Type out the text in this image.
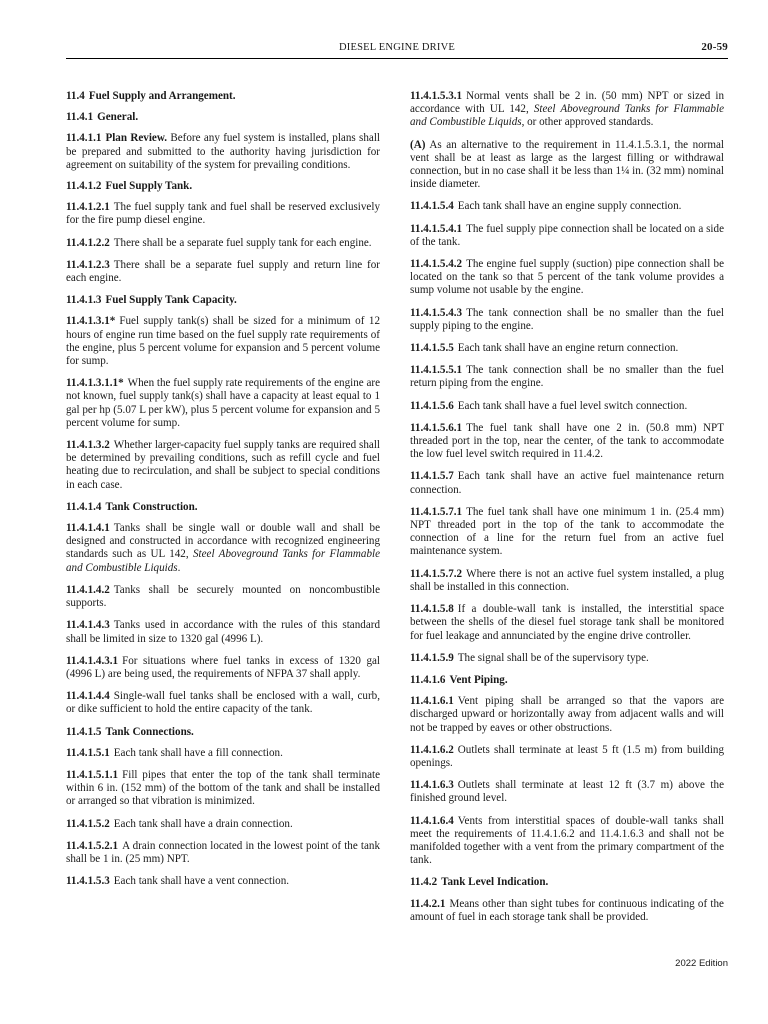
DIESEL ENGINE DRIVE	20-59

11.4 Fuel Supply and Arrangement.

11.4.1 General.

11.4.1.1 Plan Review. Before any fuel system is installed, plans shall be prepared and submitted to the authority having jurisdiction for agreement on suitability of the system for prevailing conditions.

11.4.1.2 Fuel Supply Tank.

11.4.1.2.1 The fuel supply tank and fuel shall be reserved exclusively for the fire pump diesel engine.

11.4.1.2.2 There shall be a separate fuel supply tank for each engine.

11.4.1.2.3 There shall be a separate fuel supply and return line for each engine.

11.4.1.3 Fuel Supply Tank Capacity.

11.4.1.3.1* Fuel supply tank(s) shall be sized for a minimum of 12 hours of engine run time based on the fuel supply rate requirements of the engine, plus 5 percent volume for expansion and 5 percent volume for sump.

11.4.1.3.1.1* When the fuel supply rate requirements of the engine are not known, fuel supply tank(s) shall have a capacity at least equal to 1 gal per hp (5.07 L per kW), plus 5 percent volume for expansion and 5 percent volume for sump.

11.4.1.3.2 Whether larger-capacity fuel supply tanks are required shall be determined by prevailing conditions, such as refill cycle and fuel heating due to recirculation, and shall be subject to special conditions in each case.

11.4.1.4 Tank Construction.

11.4.1.4.1 Tanks shall be single wall or double wall and shall be designed and constructed in accordance with recognized engineering standards such as UL 142, Steel Aboveground Tanks for Flammable and Combustible Liquids.

11.4.1.4.2 Tanks shall be securely mounted on noncombustible supports.

11.4.1.4.3 Tanks used in accordance with the rules of this standard shall be limited in size to 1320 gal (4996 L).

11.4.1.4.3.1 For situations where fuel tanks in excess of 1320 gal (4996 L) are being used, the requirements of NFPA 37 shall apply.

11.4.1.4.4 Single-wall fuel tanks shall be enclosed with a wall, curb, or dike sufficient to hold the entire capacity of the tank.

11.4.1.5 Tank Connections.

11.4.1.5.1 Each tank shall have a fill connection.

11.4.1.5.1.1 Fill pipes that enter the top of the tank shall terminate within 6 in. (152 mm) of the bottom of the tank and shall be installed or arranged so that vibration is minimized.

11.4.1.5.2 Each tank shall have a drain connection.

11.4.1.5.2.1 A drain connection located in the lowest point of the tank shall be 1 in. (25 mm) NPT.

11.4.1.5.3 Each tank shall have a vent connection.

11.4.1.5.3.1 Normal vents shall be 2 in. (50 mm) NPT or sized in accordance with UL 142, Steel Aboveground Tanks for Flammable and Combustible Liquids, or other approved standards.

(A) As an alternative to the requirement in 11.4.1.5.3.1, the normal vent shall be at least as large as the largest filling or withdrawal connection, but in no case shall it be less than 1¼ in. (32 mm) nominal inside diameter.

11.4.1.5.4 Each tank shall have an engine supply connection.

11.4.1.5.4.1 The fuel supply pipe connection shall be located on a side of the tank.

11.4.1.5.4.2 The engine fuel supply (suction) pipe connection shall be located on the tank so that 5 percent of the tank volume provides a sump volume not usable by the engine.

11.4.1.5.4.3 The tank connection shall be no smaller than the fuel supply piping to the engine.

11.4.1.5.5 Each tank shall have an engine return connection.

11.4.1.5.5.1 The tank connection shall be no smaller than the fuel return piping from the engine.

11.4.1.5.6 Each tank shall have a fuel level switch connection.

11.4.1.5.6.1 The fuel tank shall have one 2 in. (50.8 mm) NPT threaded port in the top, near the center, of the tank to accommodate the low fuel level switch required in 11.4.2.

11.4.1.5.7 Each tank shall have an active fuel maintenance return connection.

11.4.1.5.7.1 The fuel tank shall have one minimum 1 in. (25.4 mm) NPT threaded port in the top of the tank to accommodate the connection of a line for the return fuel from an active fuel maintenance system.

11.4.1.5.7.2 Where there is not an active fuel system installed, a plug shall be installed in this connection.

11.4.1.5.8 If a double-wall tank is installed, the interstitial space between the shells of the diesel fuel storage tank shall be monitored for fuel leakage and annunciated by the engine drive controller.

11.4.1.5.9 The signal shall be of the supervisory type.

11.4.1.6 Vent Piping.

11.4.1.6.1 Vent piping shall be arranged so that the vapors are discharged upward or horizontally away from adjacent walls and will not be trapped by eaves or other obstructions.

11.4.1.6.2 Outlets shall terminate at least 5 ft (1.5 m) from building openings.

11.4.1.6.3 Outlets shall terminate at least 12 ft (3.7 m) above the finished ground level.

11.4.1.6.4 Vents from interstitial spaces of double-wall tanks shall meet the requirements of 11.4.1.6.2 and 11.4.1.6.3 and shall not be manifolded together with a vent from the primary compartment of the tank.

11.4.2 Tank Level Indication.

11.4.2.1 Means other than sight tubes for continuous indicating of the amount of fuel in each storage tank shall be provided.

2022 Edition
